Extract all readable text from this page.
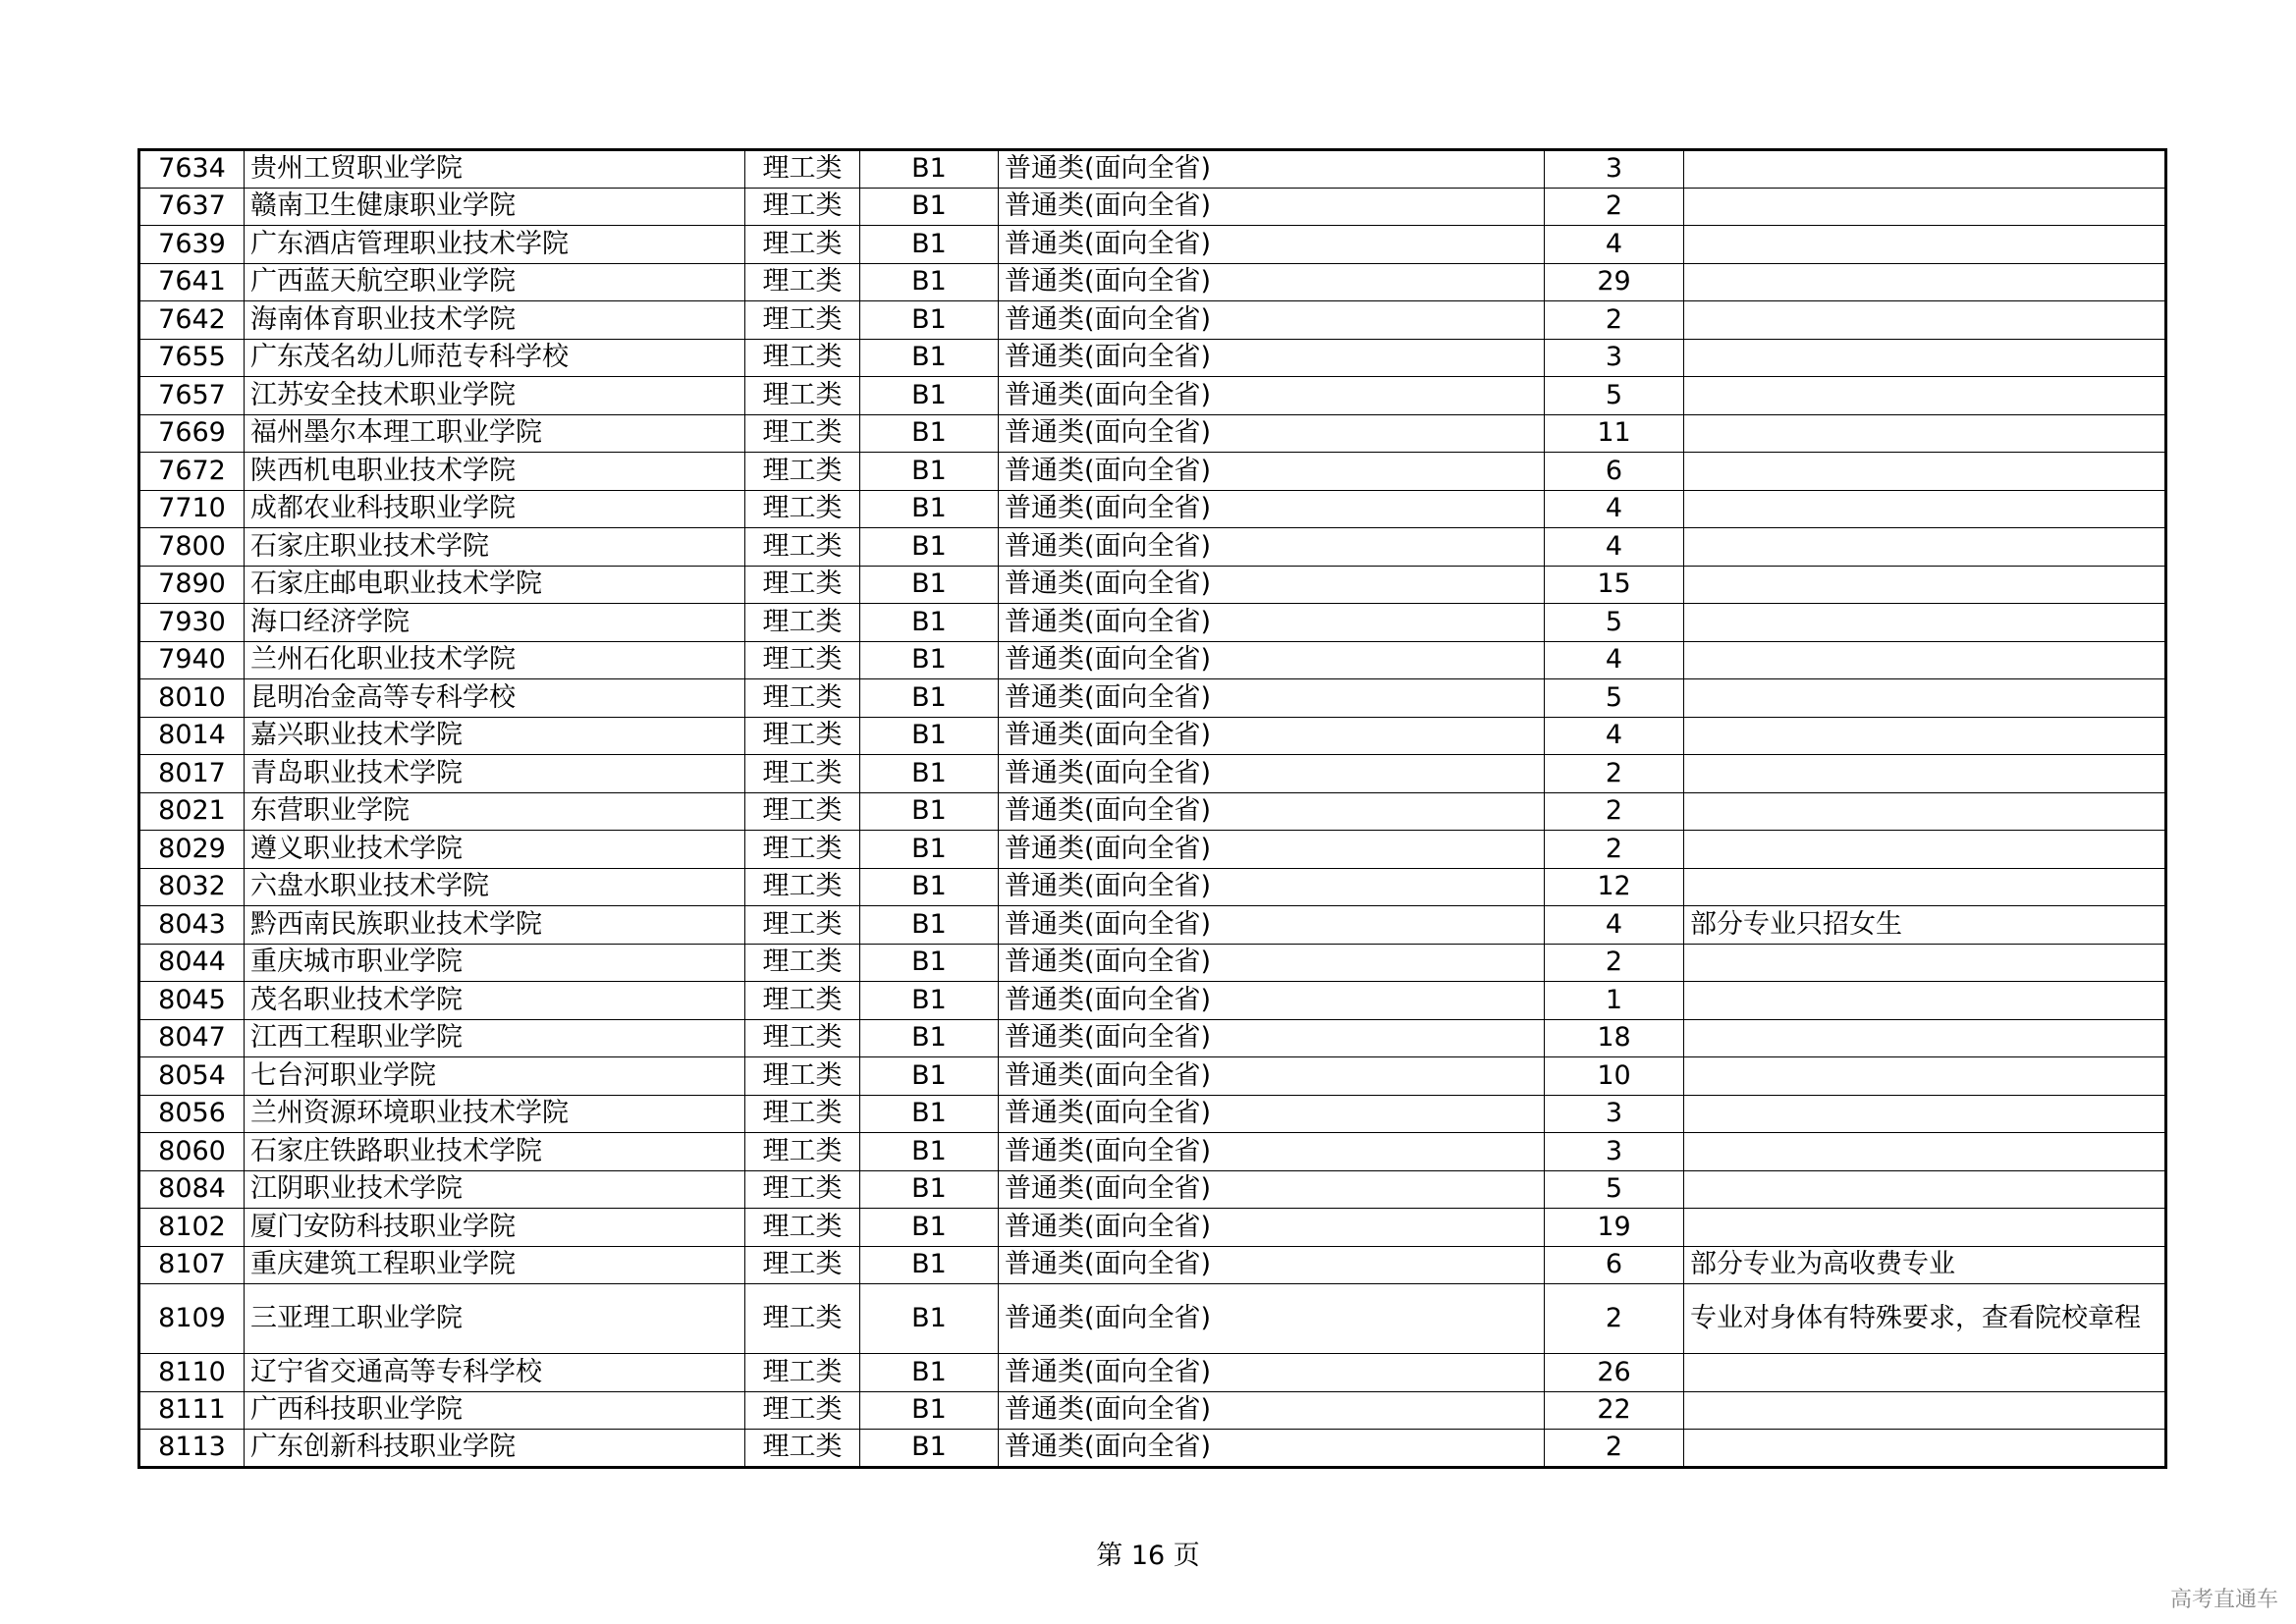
7634	贵州工贸职业学院	理工类	B1	普通类(面向全省)	3	
7637	赣南卫生健康职业学院	理工类	B1	普通类(面向全省)	2	
7639	广东酒店管理职业技术学院	理工类	B1	普通类(面向全省)	4	
7641	广西蓝天航空职业学院	理工类	B1	普通类(面向全省)	29	
7642	海南体育职业技术学院	理工类	B1	普通类(面向全省)	2	
7655	广东茂名幼儿师范专科学校	理工类	B1	普通类(面向全省)	3	
7657	江苏安全技术职业学院	理工类	B1	普通类(面向全省)	5	
7669	福州墨尔本理工职业学院	理工类	B1	普通类(面向全省)	11	
7672	陕西机电职业技术学院	理工类	B1	普通类(面向全省)	6	
7710	成都农业科技职业学院	理工类	B1	普通类(面向全省)	4	
7800	石家庄职业技术学院	理工类	B1	普通类(面向全省)	4	
7890	石家庄邮电职业技术学院	理工类	B1	普通类(面向全省)	15	
7930	海口经济学院	理工类	B1	普通类(面向全省)	5	
7940	兰州石化职业技术学院	理工类	B1	普通类(面向全省)	4	
8010	昆明冶金高等专科学校	理工类	B1	普通类(面向全省)	5	
8014	嘉兴职业技术学院	理工类	B1	普通类(面向全省)	4	
8017	青岛职业技术学院	理工类	B1	普通类(面向全省)	2	
8021	东营职业学院	理工类	B1	普通类(面向全省)	2	
8029	遵义职业技术学院	理工类	B1	普通类(面向全省)	2	
8032	六盘水职业技术学院	理工类	B1	普通类(面向全省)	12	
8043	黔西南民族职业技术学院	理工类	B1	普通类(面向全省)	4	部分专业只招女生
8044	重庆城市职业学院	理工类	B1	普通类(面向全省)	2	
8045	茂名职业技术学院	理工类	B1	普通类(面向全省)	1	
8047	江西工程职业学院	理工类	B1	普通类(面向全省)	18	
8054	七台河职业学院	理工类	B1	普通类(面向全省)	10	
8056	兰州资源环境职业技术学院	理工类	B1	普通类(面向全省)	3	
8060	石家庄铁路职业技术学院	理工类	B1	普通类(面向全省)	3	
8084	江阴职业技术学院	理工类	B1	普通类(面向全省)	5	
8102	厦门安防科技职业学院	理工类	B1	普通类(面向全省)	19	
8107	重庆建筑工程职业学院	理工类	B1	普通类(面向全省)	6	部分专业为高收费专业
8109	三亚理工职业学院	理工类	B1	普通类(面向全省)	2	专业对身体有特殊要求，查看院校章程
8110	辽宁省交通高等专科学校	理工类	B1	普通类(面向全省)	26	
8111	广西科技职业学院	理工类	B1	普通类(面向全省)	22	
8113	广东创新科技职业学院	理工类	B1	普通类(面向全省)	2	
第 16 页
高考直通车
